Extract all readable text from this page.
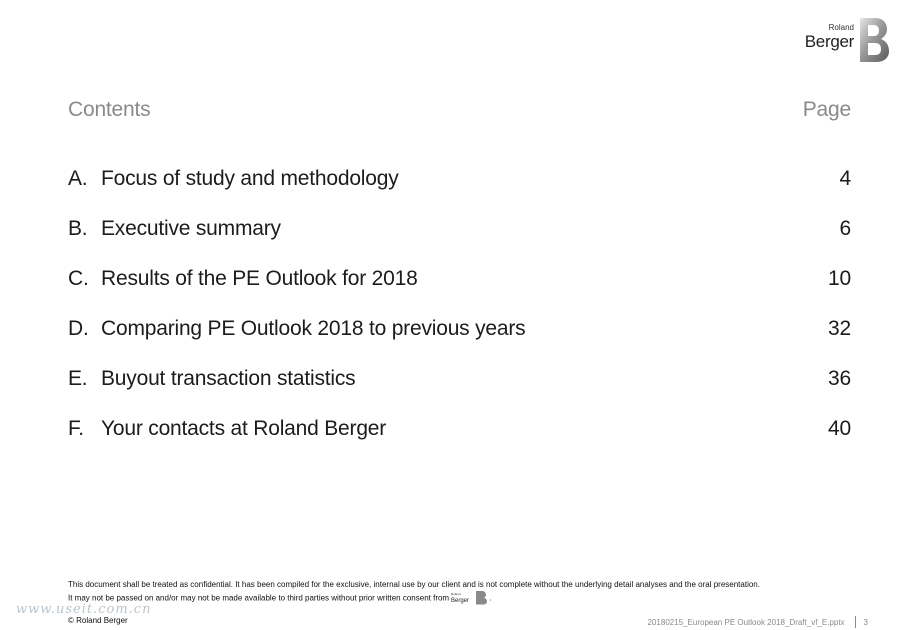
Roland
Berger
Contents	Page
A. Focus of study and methodology	4
B. Executive summary	6
C. Results of the PE Outlook for 2018	10
D. Comparing PE Outlook 2018 to previous years	32
E. Buyout transaction statistics	36
F. Your contacts at Roland Berger	40
This document shall be treated as confidential. It has been compiled for the exclusive, internal use by our client and is not complete without the underlying detail analyses and the oral presentation.
It may not be passed on and/or may not be made available to third parties without prior written consent from Roland
Berger .
www.useit.com.cn
© Roland Berger	20180215_European PE Outlook 2018_Draft_vf_E.pptx 3
